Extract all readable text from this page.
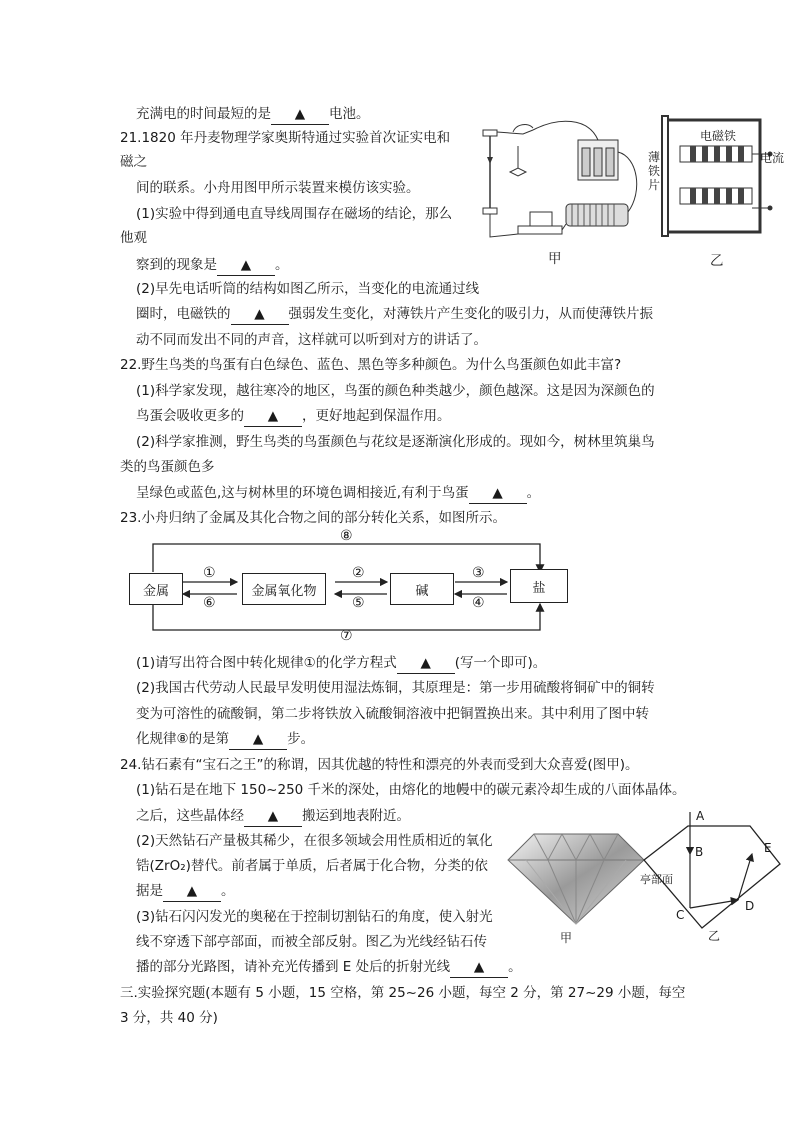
充满电的时间最短的是 ▲ 电池。
21.1820 年丹麦物理学家奥斯特通过实验首次证实电和
磁之
间的联系。小舟用图甲所示装置来模仿该实验。
(1)实验中得到通电直导线周围存在磁场的结论，那么
他观
察到的现象是 ▲ 。
(2)早先电话听筒的结构如图乙所示，当变化的电流通过线
圈时，电磁铁的 ▲ 强弱发生变化，对薄铁片产生变化的吸引力，从而使薄铁片振
动不同而发出不同的声音，这样就可以听到对方的讲话了。
甲
薄铁片
电磁铁
电流
乙
22.野生鸟类的鸟蛋有白色绿色、蓝色、黑色等多种颜色。为什么鸟蛋颜色如此丰富?
(1)科学家发现，越往寒冷的地区，鸟蛋的颜色种类越少，颜色越深。这是因为深颜色的
鸟蛋会吸收更多的 ▲ ，更好地起到保温作用。
(2)科学家推测，野生鸟类的鸟蛋颜色与花纹是逐渐演化形成的。现如今，树林里筑巢鸟
类的鸟蛋颜色多
呈绿色或蓝色,这与树林里的环境色调相接近,有利于鸟蛋 ▲ 。
23.小舟归纳了金属及其化合物之间的部分转化关系，如图所示。
金属	金属氧化物	碱	盐
①
⑥
②
⑤
③
④
⑦
⑧
(1)请写出符合图中转化规律①的化学方程式 ▲ (写一个即可)。
(2)我国古代劳动人民最早发明使用湿法炼铜，其原理是：第一步用硫酸将铜矿中的铜转
变为可溶性的硫酸铜，第二步将铁放入硫酸铜溶液中把铜置换出来。其中利用了图中转
化规律⑧的是第 ▲ 步。
24.钻石素有“宝石之王”的称谓，因其优越的特性和漂亮的外表而受到大众喜爱(图甲)。
(1)钻石是在地下 150~250 千米的深处，由熔化的地幔中的碳元素冷却生成的八面体晶体。
之后，这些晶体经 ▲ 搬运到地表附近。
(2)天然钻石产量极其稀少，在很多领域会用性质相近的氧化
锆(ZrO₂)替代。前者属于单质，后者属于化合物，分类的依
据是 ▲ 。
(3)钻石闪闪发光的奥秘在于控制切割钻石的角度，使入射光
线不穿透下部亭部面，而被全部反射。图乙为光线经钻石传
播的部分光路图，请补充光传播到 E 处后的折射光线 ▲ 。
甲
A
B
C
D
E
亭部面
乙
三.实验探究题(本题有 5 小题，15 空格，第 25~26 小题，每空 2 分，第 27~29 小题，每空
3 分，共 40 分)
